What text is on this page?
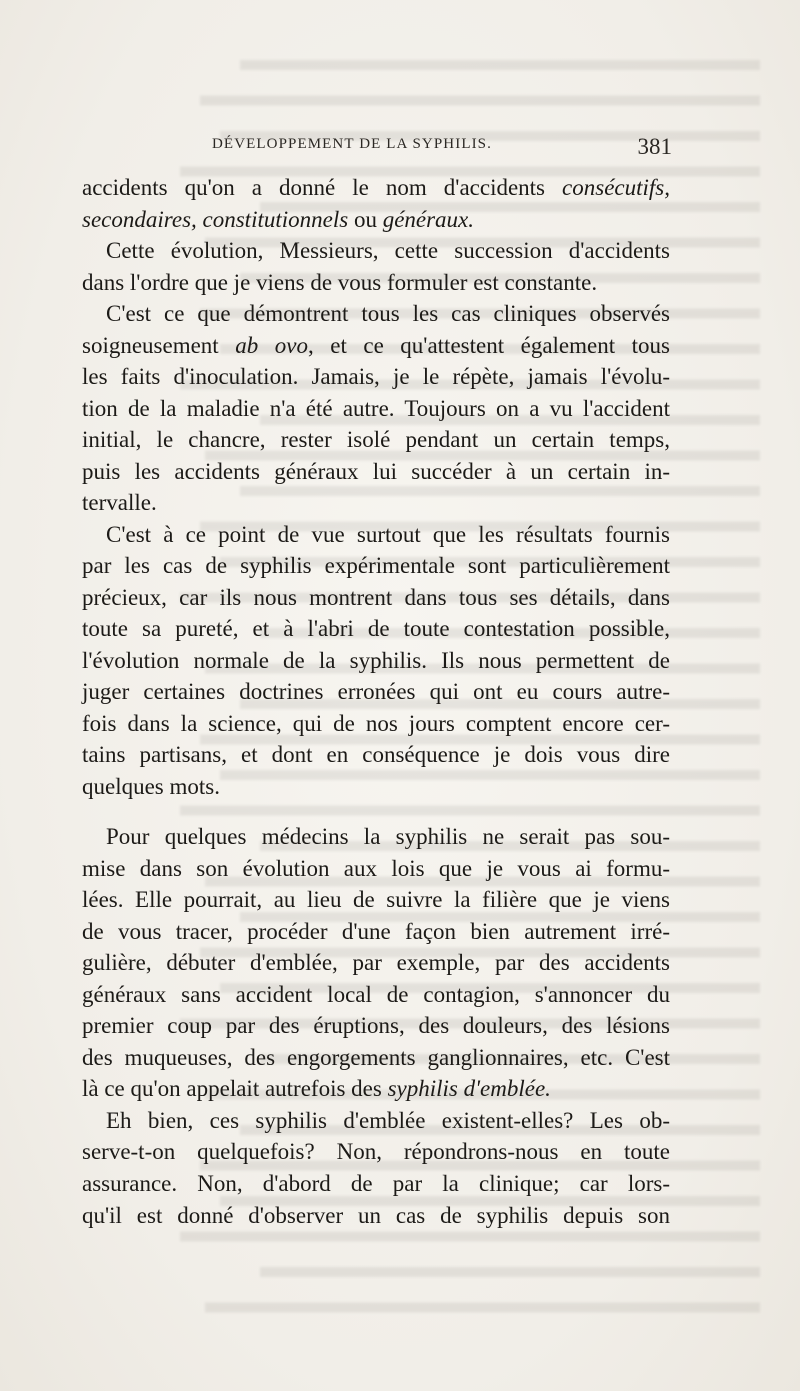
DÉVELOPPEMENT DE LA SYPHILIS.	381
accidents qu'on a donné le nom d'accidents consécutifs,
secondaires, constitutionnels ou généraux.
Cette évolution, Messieurs, cette succession d'accidents
dans l'ordre que je viens de vous formuler est constante.
C'est ce que démontrent tous les cas cliniques observés
soigneusement ab ovo, et ce qu'attestent également tous
les faits d'inoculation. Jamais, je le répète, jamais l'évolu-
tion de la maladie n'a été autre. Toujours on a vu l'accident
initial, le chancre, rester isolé pendant un certain temps,
puis les accidents généraux lui succéder à un certain in-
tervalle.
C'est à ce point de vue surtout que les résultats fournis
par les cas de syphilis expérimentale sont particulièrement
précieux, car ils nous montrent dans tous ses détails, dans
toute sa pureté, et à l'abri de toute contestation possible,
l'évolution normale de la syphilis. Ils nous permettent de
juger certaines doctrines erronées qui ont eu cours autre-
fois dans la science, qui de nos jours comptent encore cer-
tains partisans, et dont en conséquence je dois vous dire
quelques mots.
Pour quelques médecins la syphilis ne serait pas sou-
mise dans son évolution aux lois que je vous ai formu-
lées. Elle pourrait, au lieu de suivre la filière que je viens
de vous tracer, procéder d'une façon bien autrement irré-
gulière, débuter d'emblée, par exemple, par des accidents
généraux sans accident local de contagion, s'annoncer du
premier coup par des éruptions, des douleurs, des lésions
des muqueuses, des engorgements ganglionnaires, etc. C'est
là ce qu'on appelait autrefois des syphilis d'emblée.
Eh bien, ces syphilis d'emblée existent-elles? Les ob-
serve-t-on quelquefois? Non, répondrons-nous en toute
assurance. Non, d'abord de par la clinique; car lors-
qu'il est donné d'observer un cas de syphilis depuis son
